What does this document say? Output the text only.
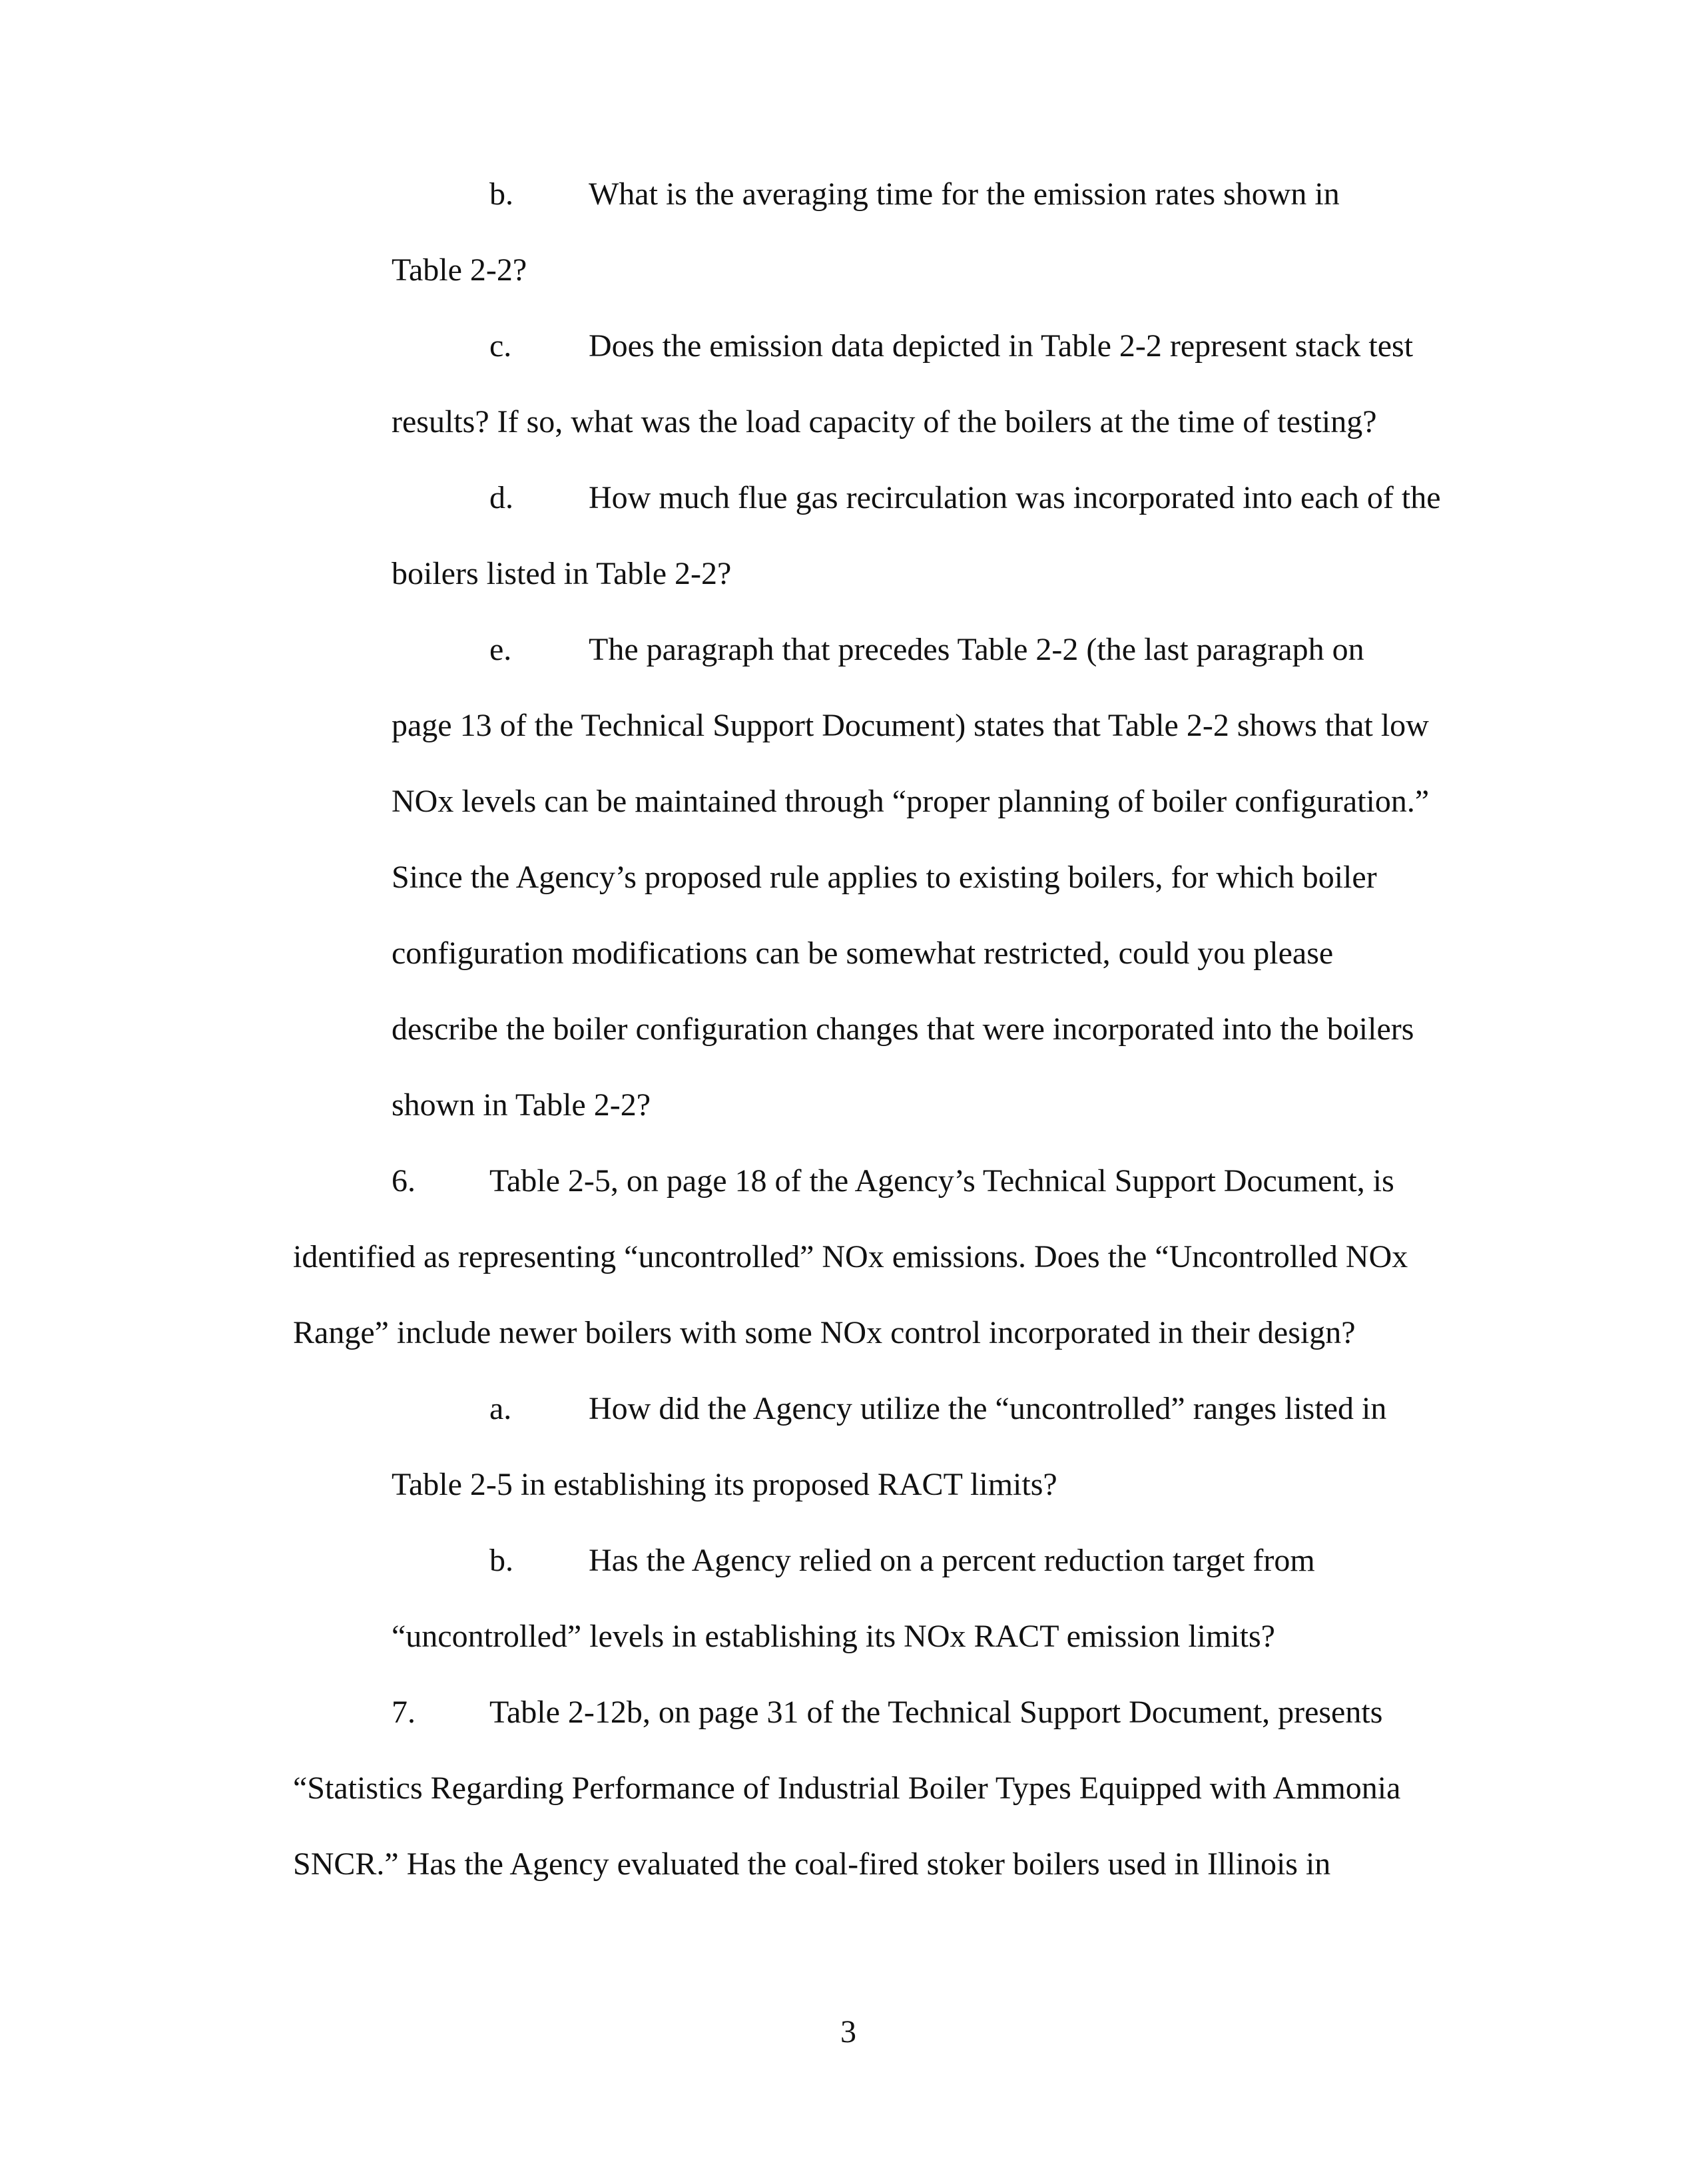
b. What is the averaging time for the emission rates shown in
Table 2-2?
c. Does the emission data depicted in Table 2-2 represent stack test
results? If so, what was the load capacity of the boilers at the time of testing?
d. How much flue gas recirculation was incorporated into each of the
boilers listed in Table 2-2?
e. The paragraph that precedes Table 2-2 (the last paragraph on
page 13 of the Technical Support Document) states that Table 2-2 shows that low
NOx levels can be maintained through “proper planning of boiler configuration.”
Since the Agency’s proposed rule applies to existing boilers, for which boiler
configuration modifications can be somewhat restricted, could you please
describe the boiler configuration changes that were incorporated into the boilers
shown in Table 2-2?
6. Table 2-5, on page 18 of the Agency’s Technical Support Document, is
identified as representing “uncontrolled” NOx emissions. Does the “Uncontrolled NOx
Range” include newer boilers with some NOx control incorporated in their design?
a. How did the Agency utilize the “uncontrolled” ranges listed in
Table 2-5 in establishing its proposed RACT limits?
b. Has the Agency relied on a percent reduction target from
“uncontrolled” levels in establishing its NOx RACT emission limits?
7. Table 2-12b, on page 31 of the Technical Support Document, presents
“Statistics Regarding Performance of Industrial Boiler Types Equipped with Ammonia
SNCR.” Has the Agency evaluated the coal-fired stoker boilers used in Illinois in
3
